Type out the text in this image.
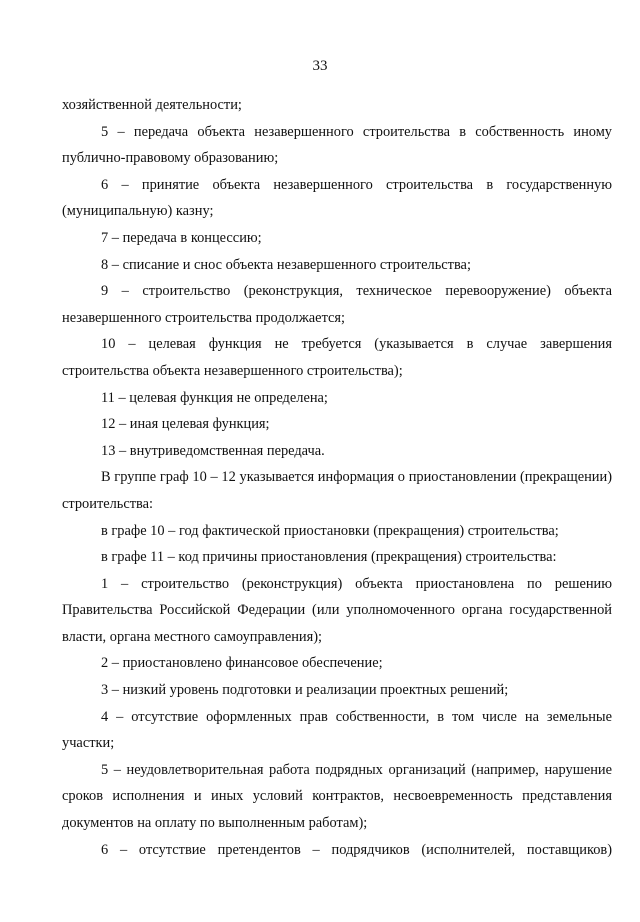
33

хозяйственной деятельности;

5 – передача объекта незавершенного строительства в собственность иному публично-правовому образованию;

6 – принятие объекта незавершенного строительства в государственную (муниципальную) казну;

7 – передача в концессию;

8 – списание и снос объекта незавершенного строительства;

9 – строительство (реконструкция, техническое перевооружение) объекта незавершенного строительства продолжается;

10 – целевая функция не требуется (указывается в случае завершения строительства объекта незавершенного строительства);

11 – целевая функция не определена;

12 – иная целевая функция;

13 – внутриведомственная передача.

В группе граф 10 – 12 указывается информация о приостановлении (прекращении) строительства:

в графе 10 – год фактической приостановки (прекращения) строительства;

в графе 11 – код причины приостановления (прекращения) строительства:

1 – строительство (реконструкция) объекта приостановлена по решению Правительства Российской Федерации (или уполномоченного органа государственной власти, органа местного самоуправления);

2 – приостановлено финансовое обеспечение;

3 – низкий уровень подготовки и реализации проектных решений;

4 – отсутствие оформленных прав собственности, в том числе на земельные участки;

5 – неудовлетворительная работа подрядных организаций (например, нарушение сроков исполнения и иных условий контрактов, несвоевременность представления документов на оплату по выполненным работам);

6 – отсутствие претендентов – подрядчиков (исполнителей, поставщиков)
